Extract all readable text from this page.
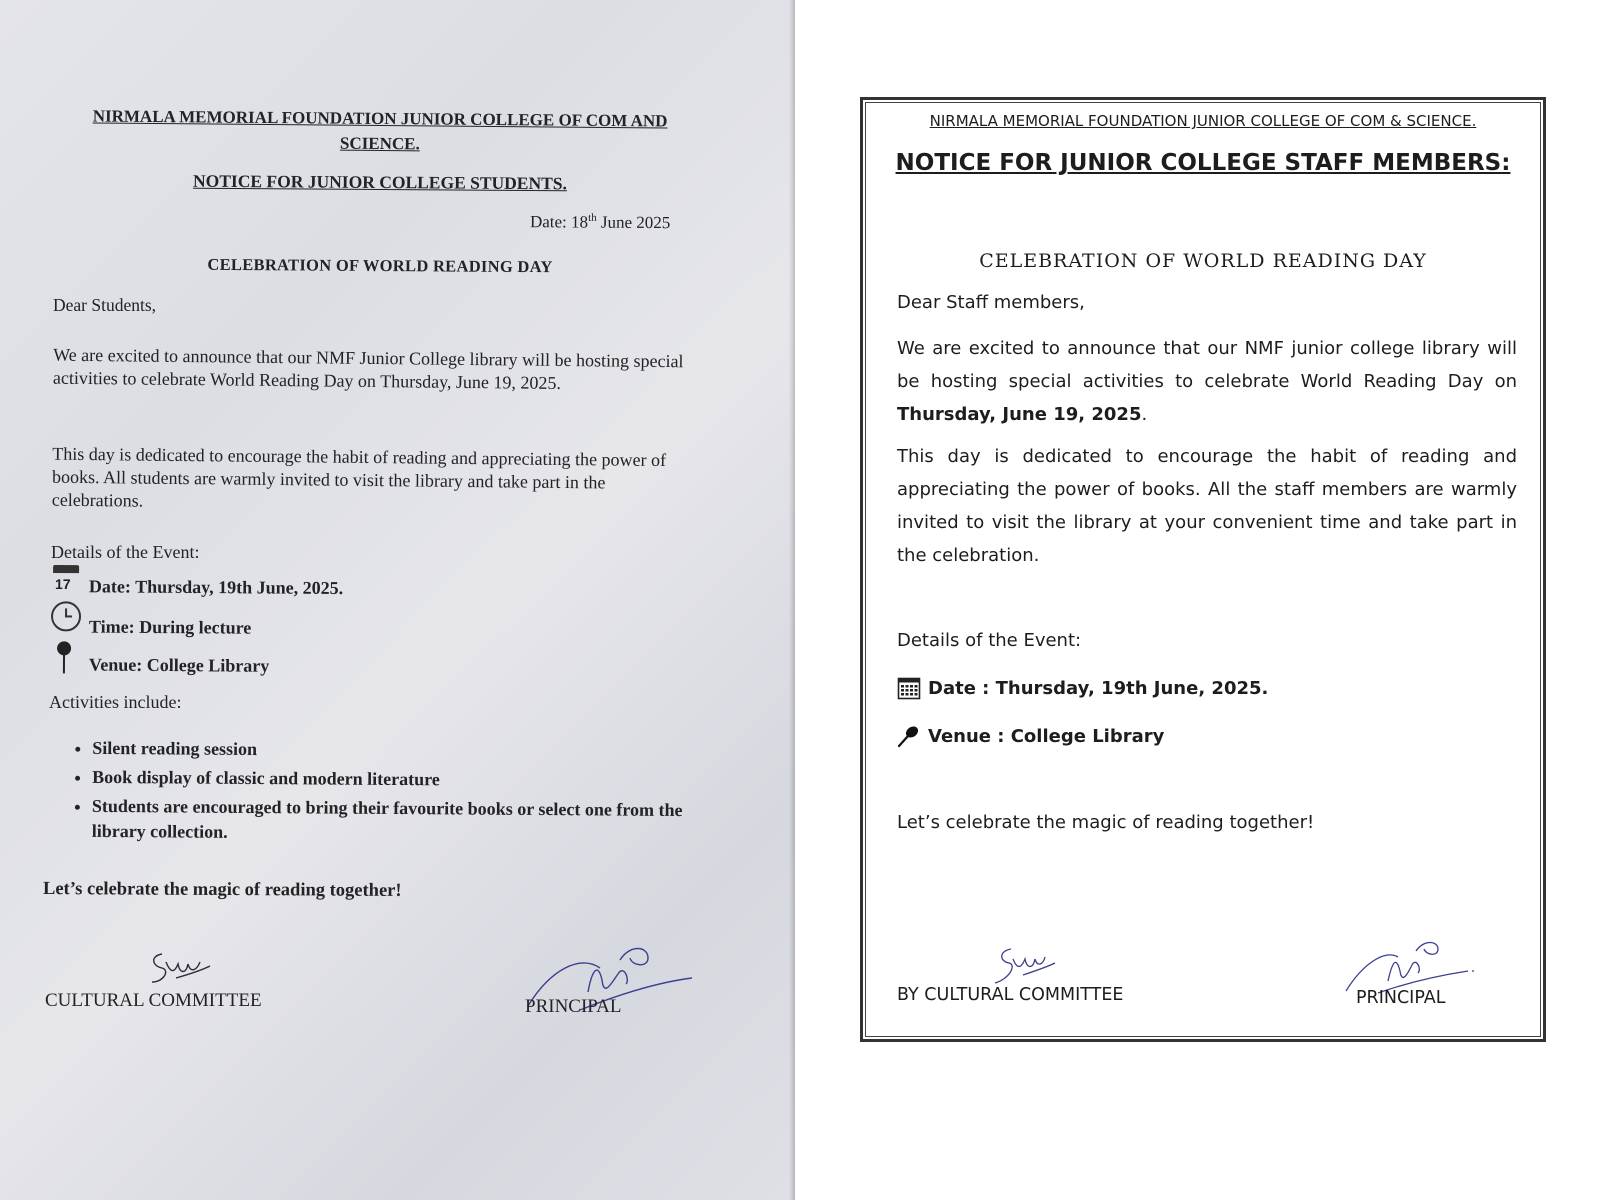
NIRMALA MEMORIAL FOUNDATION JUNIOR COLLEGE OF COM AND SCIENCE.
NOTICE FOR JUNIOR COLLEGE STUDENTS.
Date: 18th June 2025
CELEBRATION OF WORLD READING DAY
Dear Students,
We are excited to announce that our NMF Junior College library will be hosting special activities to celebrate World Reading Day on Thursday, June 19, 2025.
This day is dedicated to encourage the habit of reading and appreciating the power of books. All students are warmly invited to visit the library and take part in the celebrations.
Details of the Event:
17 Date: Thursday, 19th June, 2025.
Time: During lecture
Venue: College Library
Activities include:
• Silent reading session
• Book display of classic and modern literature
• Students are encouraged to bring their favourite books or select one from the library collection.
Let’s celebrate the magic of reading together!
CULTURAL COMMITTEE	PRINCIPAL
NIRMALA MEMORIAL FOUNDATION JUNIOR COLLEGE OF COM & SCIENCE.
NOTICE FOR JUNIOR COLLEGE STAFF MEMBERS:
CELEBRATION OF WORLD READING DAY
Dear Staff members,
We are excited to announce that our NMF junior college library will be hosting special activities to celebrate World Reading Day on Thursday, June 19, 2025.
This day is dedicated to encourage the habit of reading and appreciating the power of books. All the staff members are warmly invited to visit the library at your convenient time and take part in the celebration.
Details of the Event:
Date : Thursday, 19th June, 2025.
Venue : College Library
Let’s celebrate the magic of reading together!
BY CULTURAL COMMITTEE	PRINCIPAL
